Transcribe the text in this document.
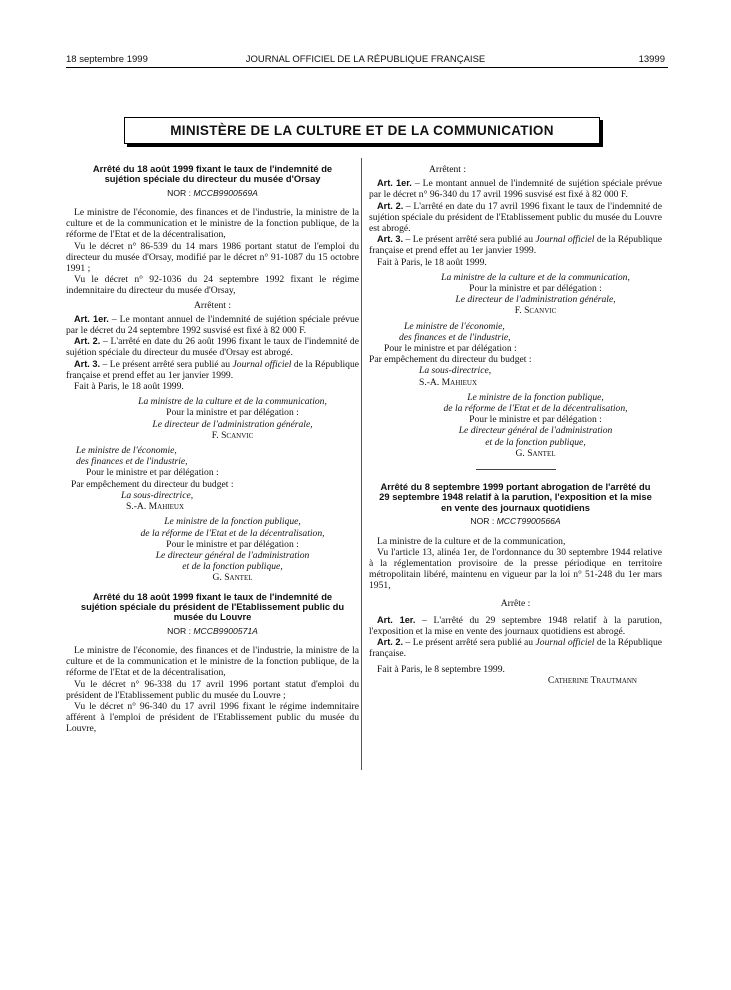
18 septembre 1999	JOURNAL OFFICIEL DE LA RÉPUBLIQUE FRANÇAISE	13999
MINISTÈRE DE LA CULTURE ET DE LA COMMUNICATION
Arrêté du 18 août 1999 fixant le taux de l'indemnité de sujétion spéciale du directeur du musée d'Orsay
NOR : MCCB9900569A

Le ministre de l'économie, des finances et de l'industrie, la ministre de la culture et de la communication et le ministre de la fonction publique, de la réforme de l'Etat et de la décentralisation,

Vu le décret n° 86-539 du 14 mars 1986 portant statut de l'emploi du directeur du musée d'Orsay, modifié par le décret n° 91-1087 du 15 octobre 1991 ;

Vu le décret n° 92-1036 du 24 septembre 1992 fixant le régime indemnitaire du directeur du musée d'Orsay,

Arrêtent :

Art. 1er. – Le montant annuel de l'indemnité de sujétion spéciale prévue par le décret du 24 septembre 1992 susvisé est fixé à 82 000 F.

Art. 2. – L'arrêté en date du 26 août 1996 fixant le taux de l'indemnité de sujétion spéciale du directeur du musée d'Orsay est abrogé.

Art. 3. – Le présent arrêté sera publié au Journal officiel de la République française et prend effet au 1er janvier 1999.

Fait à Paris, le 18 août 1999.

La ministre de la culture et de la communication,
Pour la ministre et par délégation :
Le directeur de l'administration générale,
F. Scanvic
Le ministre de l'économie,
des finances et de l'industrie,
Pour le ministre et par délégation :
Par empêchement du directeur du budget :
La sous-directrice,
S.-A. Mahieux
Le ministre de la fonction publique,
de la réforme de l'Etat et de la décentralisation,
Pour le ministre et par délégation :
Le directeur général de l'administration
et de la fonction publique,
G. Santel
Arrêté du 18 août 1999 fixant le taux de l'indemnité de sujétion spéciale du président de l'Etablissement public du musée du Louvre
NOR : MCCB9900571A

Le ministre de l'économie, des finances et de l'industrie, la ministre de la culture et de la communication et le ministre de la fonction publique, de la réforme de l'Etat et de la décentralisation,

Vu le décret n° 96-338 du 17 avril 1996 portant statut d'emploi du président de l'Etablissement public du musée du Louvre ;

Vu le décret n° 96-340 du 17 avril 1996 fixant le régime indemnitaire afférent à l'emploi de président de l'Etablissement public du musée du Louvre,

Arrêtent :

Art. 1er. – Le montant annuel de l'indemnité de sujétion spéciale prévue par le décret n° 96-340 du 17 avril 1996 susvisé est fixé à 82 000 F.

Art. 2. – L'arrêté en date du 17 avril 1996 fixant le taux de l'indemnité de sujétion spéciale du président de l'Etablissement public du musée du Louvre est abrogé.

Art. 3. – Le présent arrêté sera publié au Journal officiel de la République française et prend effet au 1er janvier 1999.

Fait à Paris, le 18 août 1999.

La ministre de la culture et de la communication,
Pour la ministre et par délégation :
Le directeur de l'administration générale,
F. Scanvic
Le ministre de l'économie,
des finances et de l'industrie,
Pour le ministre et par délégation :
Par empêchement du directeur du budget :
La sous-directrice,
S.-A. Mahieux
Le ministre de la fonction publique,
de la réforme de l'Etat et de la décentralisation,
Pour le ministre et par délégation :
Le directeur général de l'administration
et de la fonction publique,
G. Santel
Arrêté du 8 septembre 1999 portant abrogation de l'arrêté du 29 septembre 1948 relatif à la parution, l'exposition et la mise en vente des journaux quotidiens
NOR : MCCT9900566A

La ministre de la culture et de la communication,

Vu l'article 13, alinéa 1er, de l'ordonnance du 30 septembre 1944 relative à la réglementation provisoire de la presse périodique en territoire métropolitain libéré, maintenu en vigueur par la loi n° 51-248 du 1er mars 1951,

Arrête :

Art. 1er. – L'arrêté du 29 septembre 1948 relatif à la parution, l'exposition et la mise en vente des journaux quotidiens est abrogé.

Art. 2. – Le présent arrêté sera publié au Journal officiel de la République française.

Fait à Paris, le 8 septembre 1999.

Catherine Trautmann
